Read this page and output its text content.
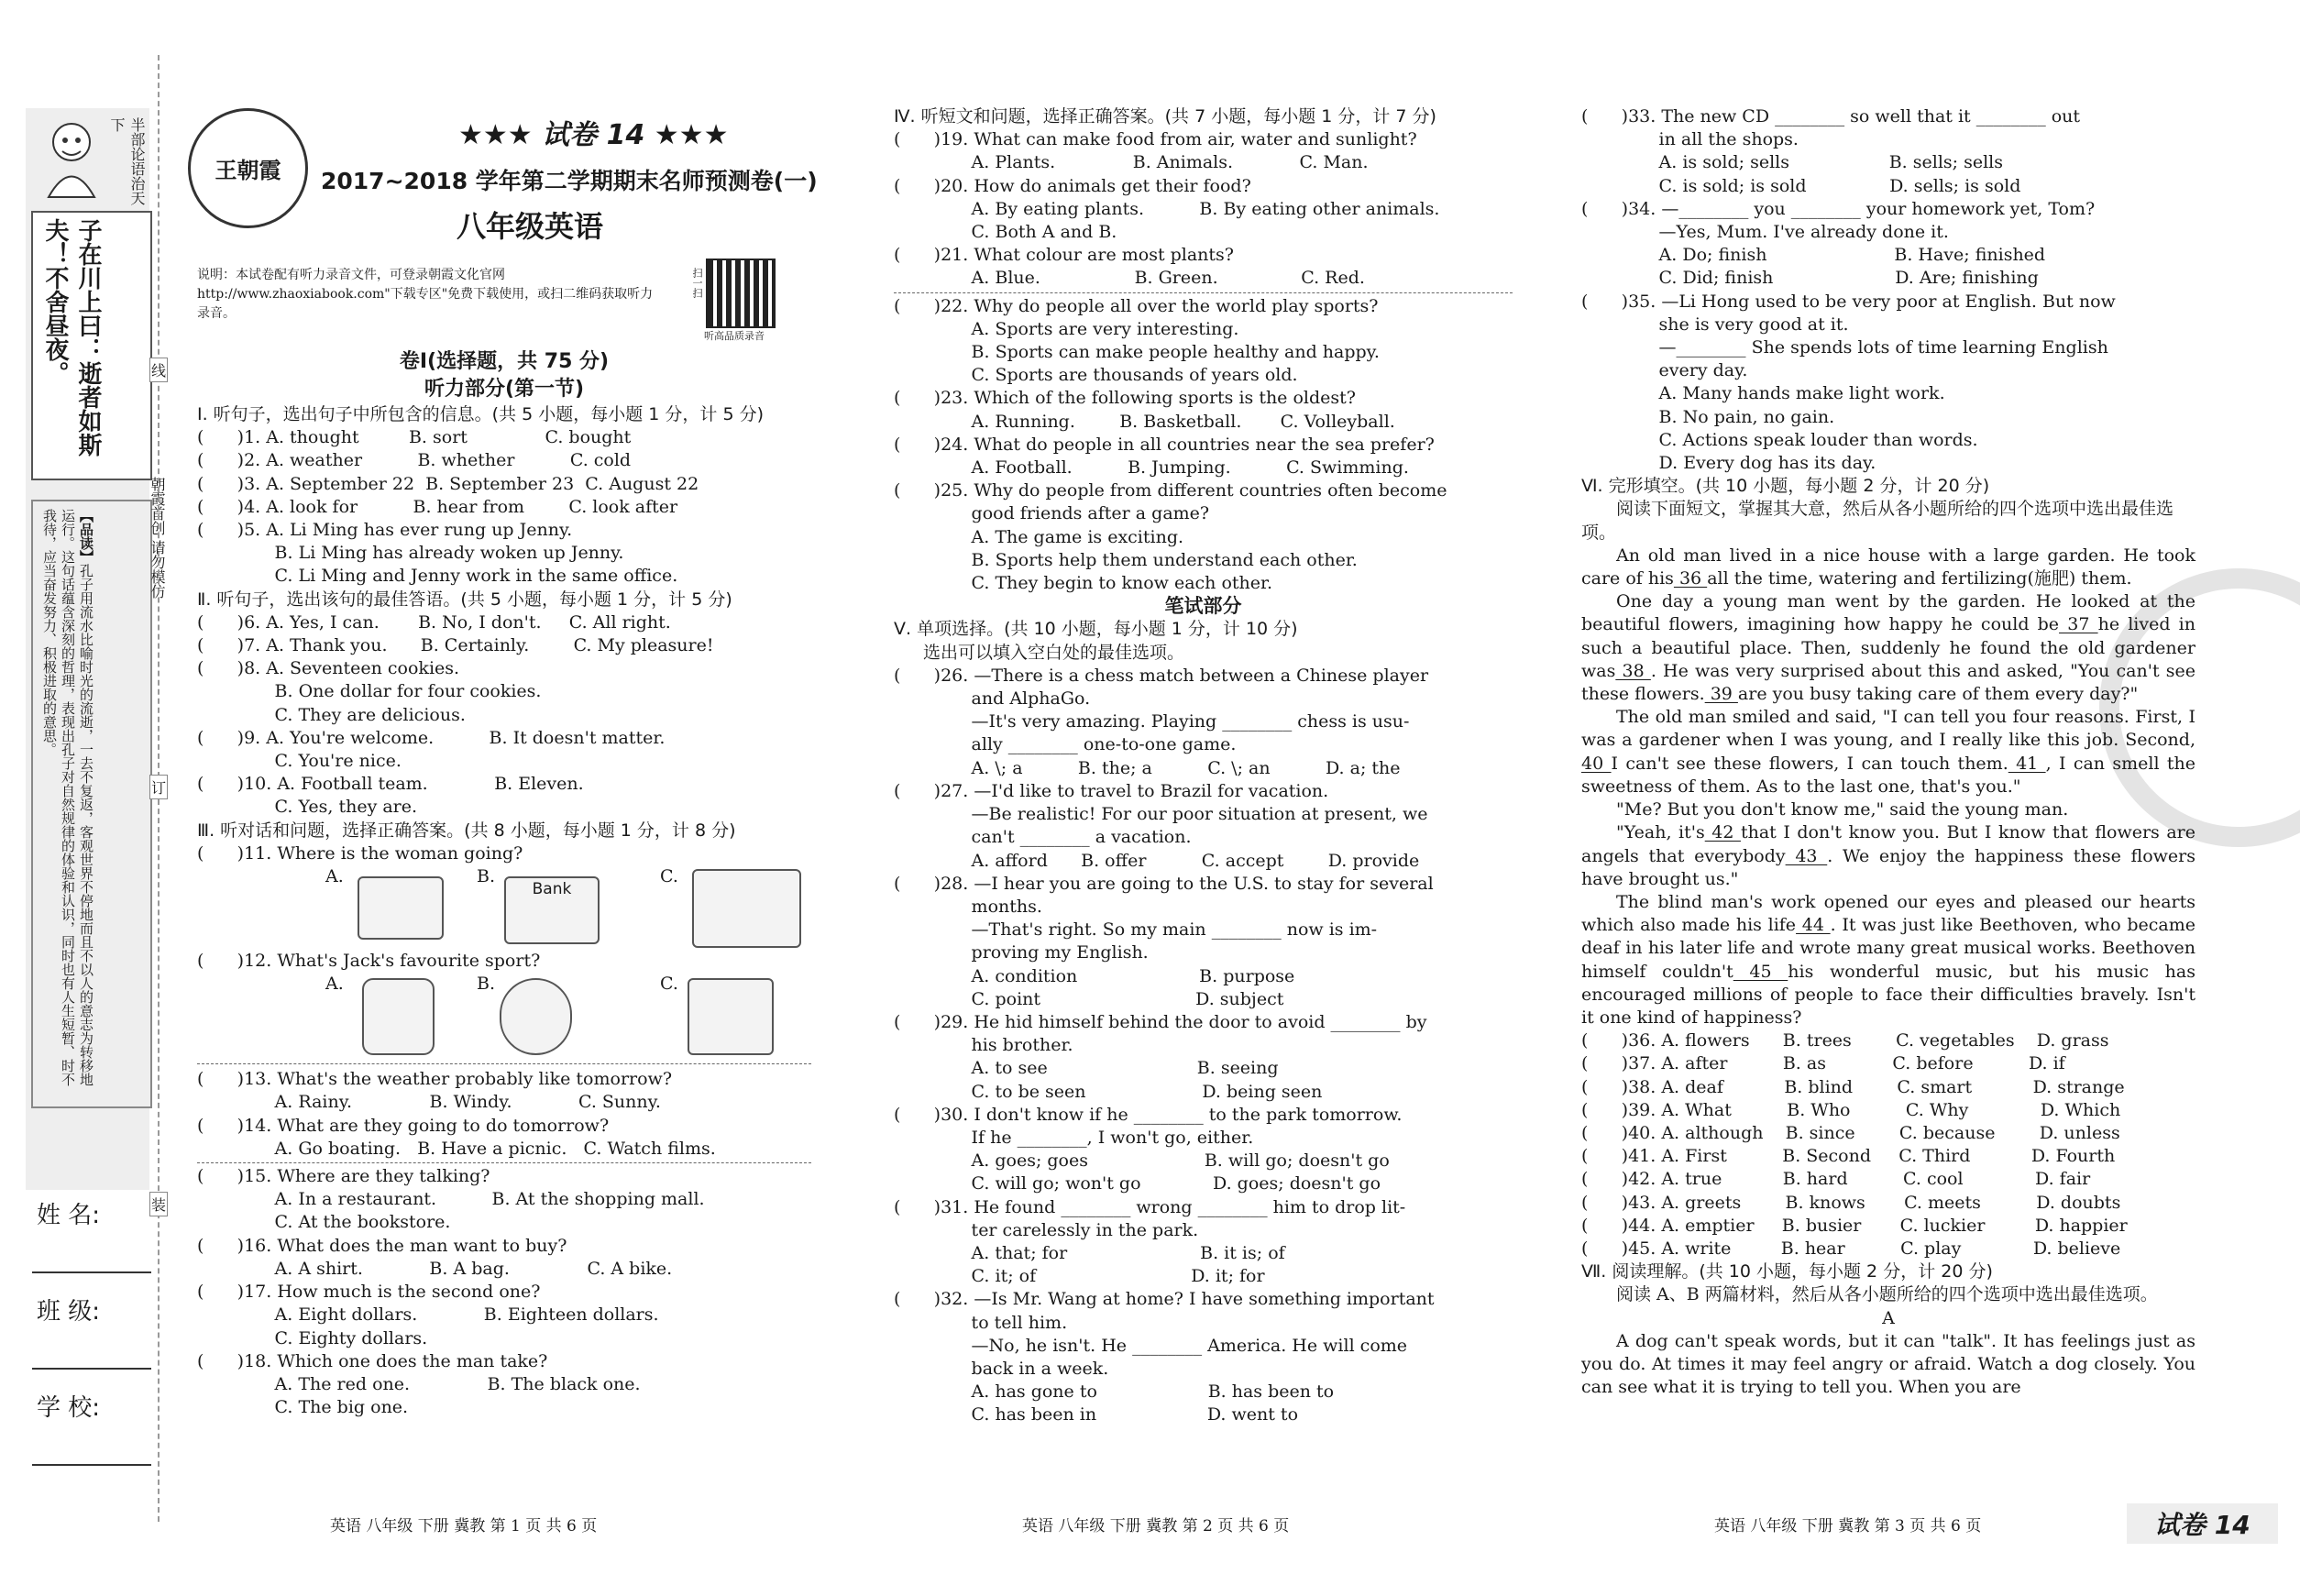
半部论语治天下
子在川上曰：逝者如斯夫！不舍昼夜。
【品读】孔子用流水比喻时光的流逝，一去不复返，客观世界不停地而且不以人的意志为转移地运行。这句话蕴含深刻的哲理，表现出孔子对自然规律的体验和认识，同时也有人生短暂、时不我待，应当奋发努力、积极进取的意思。	朝霞首创 请勿模仿
线
订
装
姓 名:
班 级:
学 校:
王朝霞
★★★ 试卷 14 ★★★
2017~2018 学年第二学期期末名师预测卷(一)
八年级英语
说明：本试卷配有听力录音文件，可登录朝霞文化官网 http://www.zhaoxiabook.com"下载专区"免费下载使用，或扫二维码获取听力录音。
扫一扫
听高品质录音

卷Ⅰ(选择题，共 75 分)

听力部分(第一节)

Ⅰ. 听句子，选出句子中所包含的信息。(共 5 小题，每小题 1 分，计 5 分)

(      )1. A. thought         B. sort              C. bought

(      )2. A. weather          B. whether          C. cold

(      )3. A. September 22  B. September 23  C. August 22

(      )4. A. look for          B. hear from        C. look after

(      )5. A. Li Ming has ever rung up Jenny.

B. Li Ming has already woken up Jenny.

C. Li Ming and Jenny work in the same office.

Ⅱ. 听句子，选出该句的最佳答语。(共 5 小题，每小题 1 分，计 5 分)

(      )6. A. Yes, I can.       B. No, I don't.     C. All right.

(      )7. A. Thank you.      B. Certainly.        C. My pleasure!

(      )8. A. Seventeen cookies.

B. One dollar for four cookies.

C. They are delicious.

(      )9. A. You're welcome.          B. It doesn't matter.

C. You're nice.

(      )10. A. Football team.            B. Eleven.

C. Yes, they are.

Ⅲ. 听对话和问题，选择正确答案。(共 8 小题，每小题 1 分，计 8 分)

(      )11. Where is the woman going?

A.	B.
Bank
C.

(      )12. What's Jack's favourite sport?

A.	B.	C.

(      )13. What's the weather probably like tomorrow?

A. Rainy.              B. Windy.            C. Sunny.

(      )14. What are they going to do tomorrow?

A. Go boating.   B. Have a picnic.   C. Watch films.

(      )15. Where are they talking?

A. In a restaurant.          B. At the shopping mall.

C. At the bookstore.

(      )16. What does the man want to buy?

A. A shirt.            B. A bag.              C. A bike.

(      )17. How much is the second one?

A. Eight dollars.            B. Eighteen dollars.

C. Eighty dollars.

(      )18. Which one does the man take?

A. The red one.              B. The black one.

C. The big one.

Ⅳ. 听短文和问题，选择正确答案。(共 7 小题，每小题 1 分，计 7 分)

(      )19. What can make food from air, water and sunlight?

A. Plants.              B. Animals.            C. Man.

(      )20. How do animals get their food?

A. By eating plants.          B. By eating other animals.

C. Both A and B.

(      )21. What colour are most plants?

A. Blue.                 B. Green.               C. Red.

(      )22. Why do people all over the world play sports?

A. Sports are very interesting.

B. Sports can make people healthy and happy.

C. Sports are thousands of years old.

(      )23. Which of the following sports is the oldest?

A. Running.        B. Basketball.       C. Volleyball.

(      )24. What do people in all countries near the sea prefer?

A. Football.          B. Jumping.          C. Swimming.

(      )25. Why do people from different countries often become

good friends after a game?

A. The game is exciting.

B. Sports help them understand each other.

C. They begin to know each other.

笔试部分

Ⅴ. 单项选择。(共 10 小题，每小题 1 分，计 10 分)

选出可以填入空白处的最佳选项。

(      )26. —There is a chess match between a Chinese player

and AlphaGo.

—It's very amazing. Playing ________ chess is usu-

ally ________ one-to-one game.

A. \; a          B. the; a          C. \; an          D. a; the

(      )27. —I'd like to travel to Brazil for vacation.

—Be realistic! For our poor situation at present, we

can't ________ a vacation.

A. afford      B. offer          C. accept        D. provide

(      )28. —I hear you are going to the U.S. to stay for several

months.

—That's right. So my main ________ now is im-

proving my English.

A. condition                      B. purpose

C. point                            D. subject

(      )29. He hid himself behind the door to avoid ________ by

his brother.

A. to see                           B. seeing

C. to be seen                     D. being seen

(      )30. I don't know if he ________ to the park tomorrow.

If he ________, I won't go, either.

A. goes; goes                     B. will go; doesn't go

C. will go; won't go             D. goes; doesn't go

(      )31. He found ________ wrong ________ him to drop lit-

ter carelessly in the park.

A. that; for                        B. it is; of

C. it; of                            D. it; for

(      )32. —Is Mr. Wang at home? I have something important

to tell him.

—No, he isn't. He ________ America. He will come

back in a week.

A. has gone to                    B. has been to

C. has been in                    D. went to

(      )33. The new CD ________ so well that it ________ out

in all the shops.

A. is sold; sells                  B. sells; sells

C. is sold; is sold               D. sells; is sold

(      )34. —________ you ________ your homework yet, Tom?

—Yes, Mum. I've already done it.

A. Do; finish                       B. Have; finished

C. Did; finish                      D. Are; finishing

(      )35. —Li Hong used to be very poor at English. But now

she is very good at it.

—________ She spends lots of time learning English

every day.

A. Many hands make light work.

B. No pain, no gain.

C. Actions speak louder than words.

D. Every dog has its day.

Ⅵ. 完形填空。(共 10 小题，每小题 2 分，计 20 分)

阅读下面短文，掌握其大意，然后从各小题所给的四个选项中选出最佳选项。

An old man lived in a nice house with a large garden. He took care of his 36 all the time, watering and fertilizing(施肥) them.

One day a young man went by the garden. He looked at the beautiful flowers, imagining how happy he could be 37 he lived in such a beautiful place. Then, suddenly he found the old gardener was 38 . He was very surprised about this and asked, "You can't see these flowers. 39 are you busy taking care of them every day?"

The old man smiled and said, "I can tell you four reasons. First, I was a gardener when I was young, and I really like this job. Second, 40 I can't see these flowers, I can touch them. 41 , I can smell the sweetness of them. As to the last one, that's you."

"Me? But you don't know me," said the young man.

"Yeah, it's 42 that I don't know you. But I know that flowers are angels that everybody 43 . We enjoy the happiness these flowers have brought us."

The blind man's work opened our eyes and pleased our hearts which also made his life 44 . It was just like Beethoven, who became deaf in his later life and wrote many great musical works. Beethoven himself couldn't 45 his wonderful music, but his music has encouraged millions of people to face their difficulties bravely. Isn't it one kind of happiness?

(      )36. A. flowers      B. trees        C. vegetables    D. grass

(      )37. A. after          B. as            C. before          D. if

(      )38. A. deaf           B. blind        C. smart           D. strange

(      )39. A. What          B. Who          C. Why             D. Which

(      )40. A. although    B. since        C. because        D. unless

(      )41. A. First          B. Second     C. Third           D. Fourth

(      )42. A. true           B. hard          C. cool             D. fair

(      )43. A. greets        B. knows       C. meets          D. doubts

(      )44. A. emptier     B. busier       C. luckier         D. happier

(      )45. A. write         B. hear          C. play             D. believe

Ⅶ. 阅读理解。(共 10 小题，每小题 2 分，计 20 分)

阅读 A、B 两篇材料，然后从各小题所给的四个选项中选出最佳选项。

A

A dog can't speak words, but it can "talk". It has feelings just as you do. At times it may feel angry or afraid. Watch a dog closely. You can see what it is trying to tell you. When you are

英语 八年级 下册 冀教 第 1 页 共 6 页	英语 八年级 下册 冀教 第 2 页 共 6 页	英语 八年级 下册 冀教 第 3 页 共 6 页	试卷 14
